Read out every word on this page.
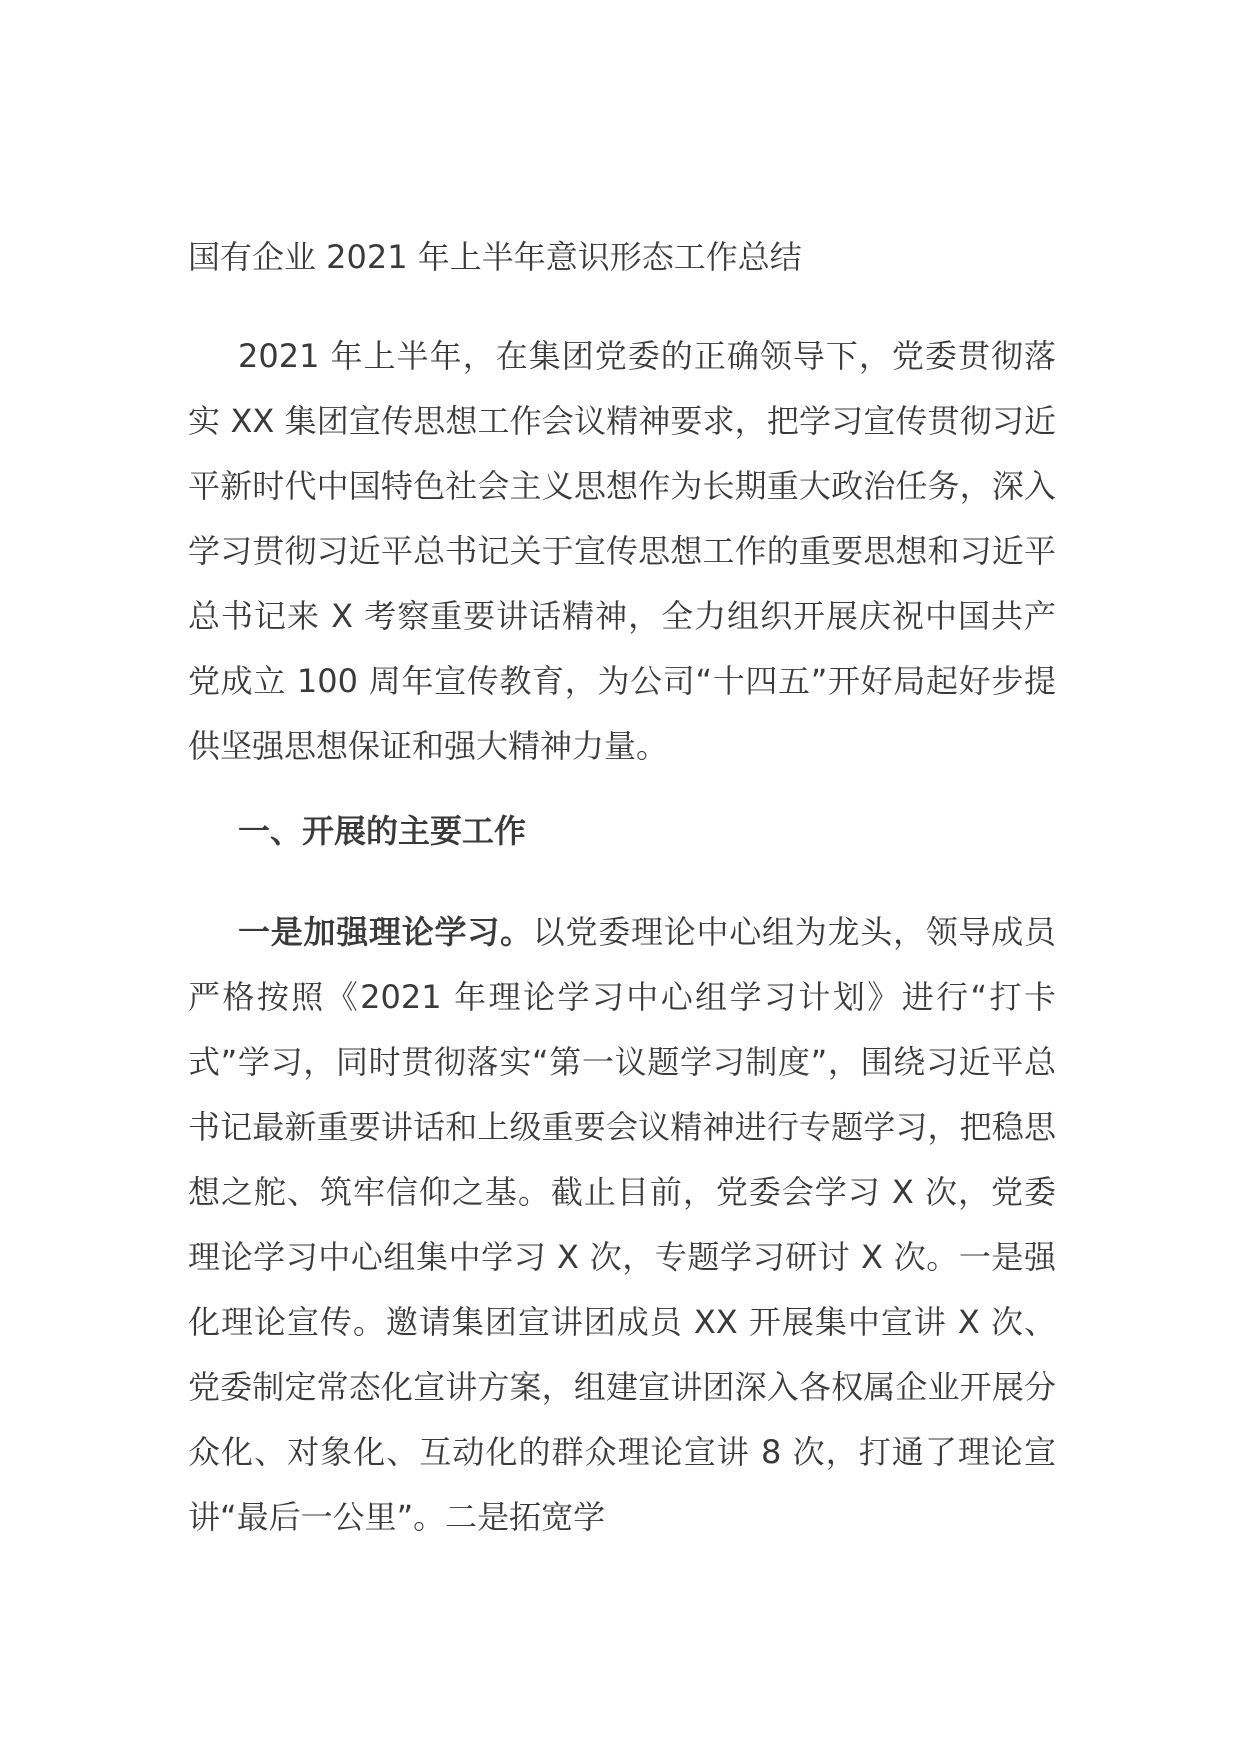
国有企业 2021 年上半年意识形态工作总结

2021 年上半年，在集团党委的正确领导下，党委贯彻落实 XX 集团宣传思想工作会议精神要求，把学习宣传贯彻习近平新时代中国特色社会主义思想作为长期重大政治任务，深入学习贯彻习近平总书记关于宣传思想工作的重要思想和习近平总书记来 X 考察重要讲话精神，全力组织开展庆祝中国共产党成立 100 周年宣传教育，为公司“十四五”开好局起好步提供坚强思想保证和强大精神力量。

一、开展的主要工作

一是加强理论学习。以党委理论中心组为龙头，领导成员严格按照《2021 年理论学习中心组学习计划》进行“打卡式”学习，同时贯彻落实“第一议题学习制度”，围绕习近平总书记最新重要讲话和上级重要会议精神进行专题学习，把稳思想之舵、筑牢信仰之基。截止目前，党委会学习 X 次，党委理论学习中心组集中学习 X 次，专题学习研讨 X 次。一是强化理论宣传。邀请集团宣讲团成员 XX 开展集中宣讲 X 次、党委制定常态化宣讲方案，组建宣讲团深入各权属企业开展分众化、对象化、互动化的群众理论宣讲 8 次，打通了理论宣讲“最后一公里”。二是拓宽学
